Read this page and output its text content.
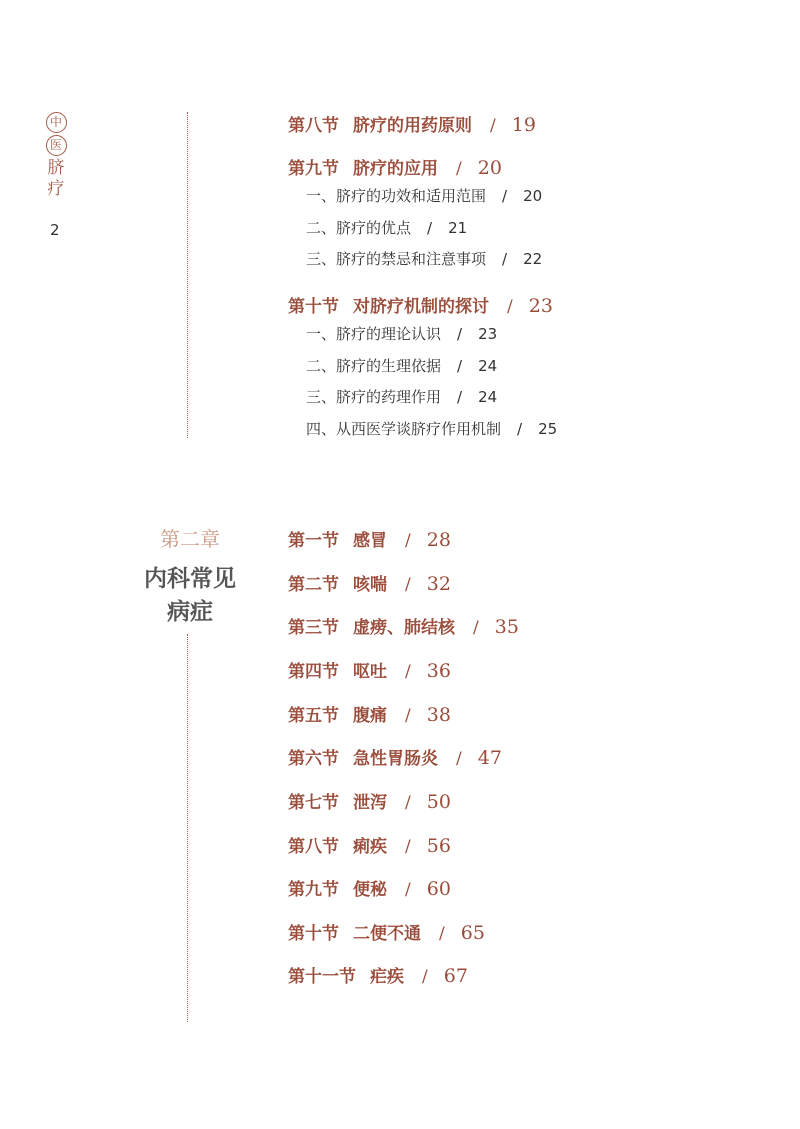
中
医
脐
疗
2
第八节 脐疗的用药原则 / 19
第九节 脐疗的应用 / 20
一、脐疗的功效和适用范围 / 20
二、脐疗的优点 / 21
三、脐疗的禁忌和注意事项 / 22
第十节 对脐疗机制的探讨 / 23
一、脐疗的理论认识 / 23
二、脐疗的生理依据 / 24
三、脐疗的药理作用 / 24
四、从西医学谈脐疗作用机制 / 25
第二章
内科常见
病症
第一节 感冒 / 28
第二节 咳喘 / 32
第三节 虚痨、肺结核 / 35
第四节 呕吐 / 36
第五节 腹痛 / 38
第六节 急性胃肠炎 / 47
第七节 泄泻 / 50
第八节 痢疾 / 56
第九节 便秘 / 60
第十节 二便不通 / 65
第十一节 疟疾 / 67
